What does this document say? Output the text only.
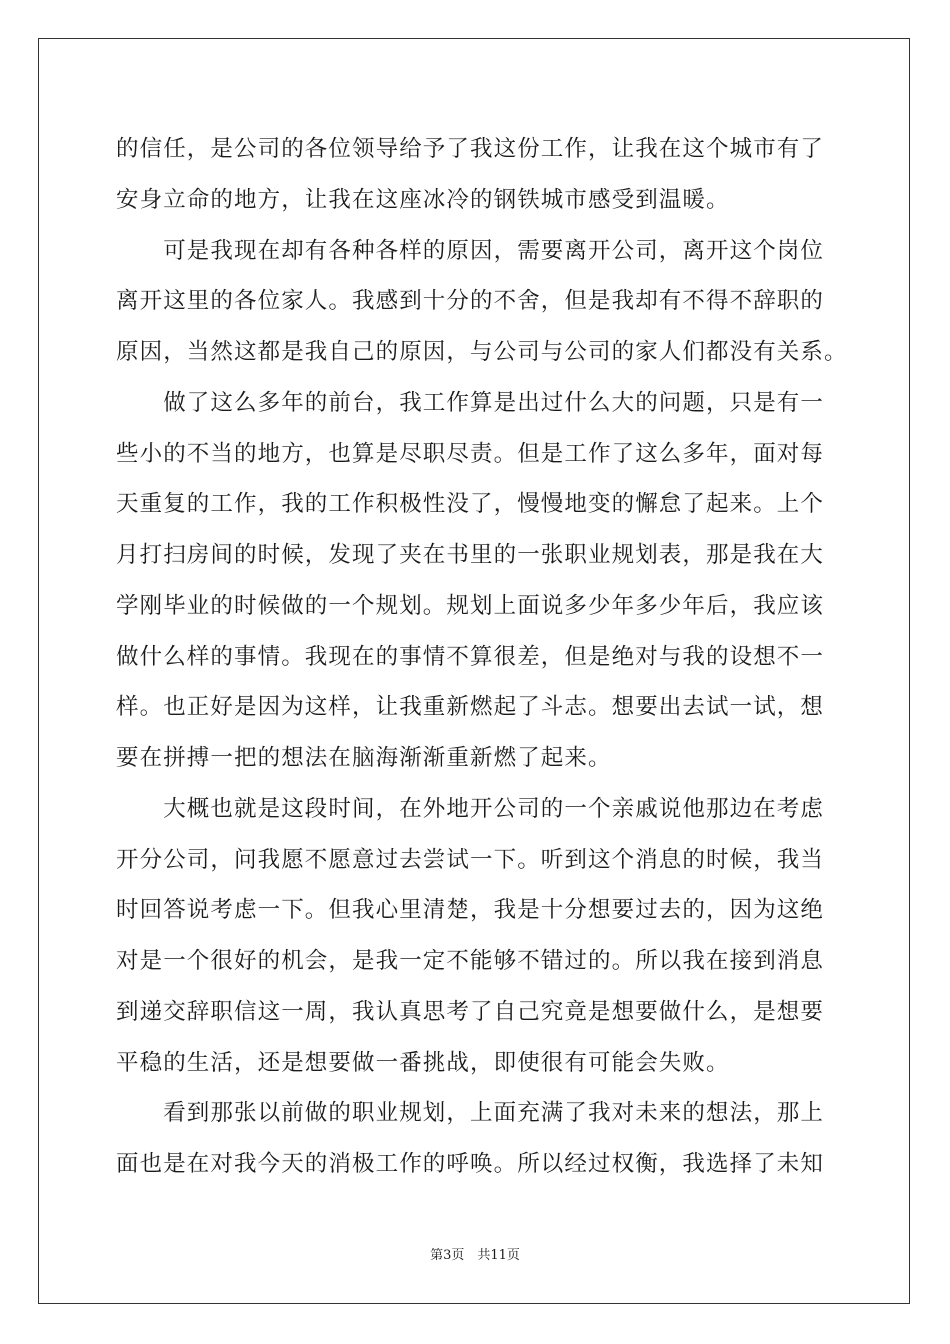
的信任，是公司的各位领导给予了我这份工作，让我在这个城市有了
安身立命的地方，让我在这座冰冷的钢铁城市感受到温暖。
　　可是我现在却有各种各样的原因，需要离开公司，离开这个岗位
离开这里的各位家人。我感到十分的不舍，但是我却有不得不辞职的
原因，当然这都是我自己的原因，与公司与公司的家人们都没有关系。
　　做了这么多年的前台，我工作算是出过什么大的问题，只是有一
些小的不当的地方，也算是尽职尽责。但是工作了这么多年，面对每
天重复的工作，我的工作积极性没了，慢慢地变的懈怠了起来。上个
月打扫房间的时候，发现了夹在书里的一张职业规划表，那是我在大
学刚毕业的时候做的一个规划。规划上面说多少年多少年后，我应该
做什么样的事情。我现在的事情不算很差，但是绝对与我的设想不一
样。也正好是因为这样，让我重新燃起了斗志。想要出去试一试，想
要在拼搏一把的想法在脑海渐渐重新燃了起来。
　　大概也就是这段时间，在外地开公司的一个亲戚说他那边在考虑
开分公司，问我愿不愿意过去尝试一下。听到这个消息的时候，我当
时回答说考虑一下。但我心里清楚，我是十分想要过去的，因为这绝
对是一个很好的机会，是我一定不能够不错过的。所以我在接到消息
到递交辞职信这一周，我认真思考了自己究竟是想要做什么，是想要
平稳的生活，还是想要做一番挑战，即使很有可能会失败。
　　看到那张以前做的职业规划，上面充满了我对未来的想法，那上
面也是在对我今天的消极工作的呼唤。所以经过权衡，我选择了未知
第3页　共11页
